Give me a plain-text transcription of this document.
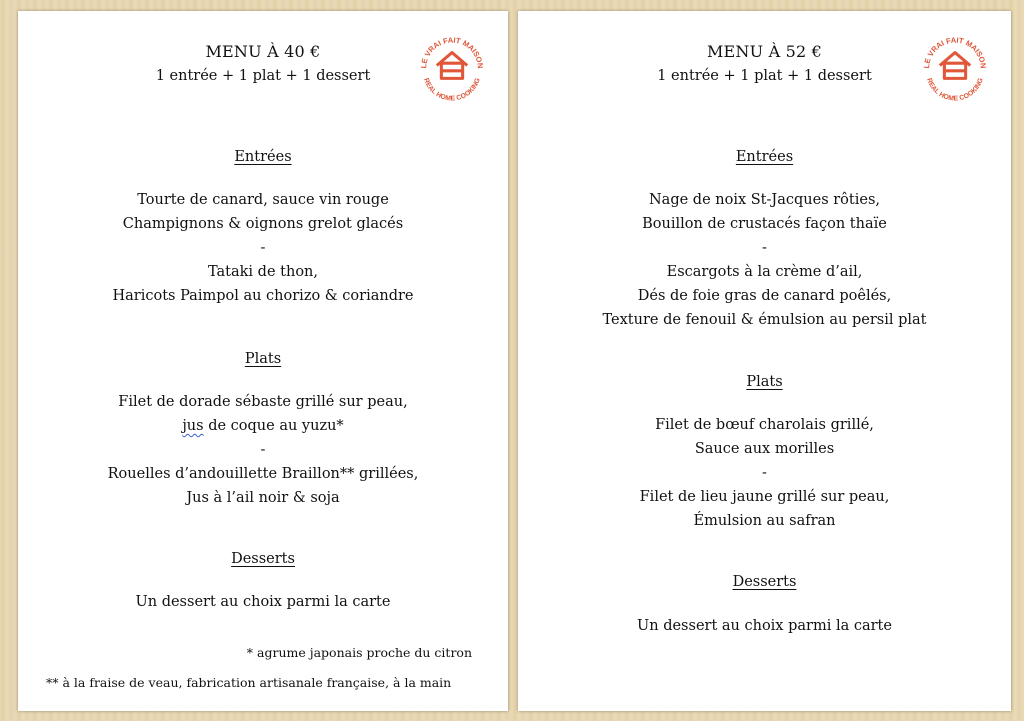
LE VRAI FAIT MAISON
REAL HOME COOKING
MENU À 40 €
1 entrée + 1 plat + 1 dessert
Entrées
Tourte de canard, sauce vin rouge
Champignons & oignons grelot glacés
-
Tataki de thon,
Haricots Paimpol au chorizo & coriandre
Plats
Filet de dorade sébaste grillé sur peau,
jus de coque au yuzu*
-
Rouelles d’andouillette Braillon** grillées,
Jus à l’ail noir & soja
Desserts
Un dessert au choix parmi la carte
* agrume japonais proche du citron
** à la fraise de veau, fabrication artisanale française, à la main
LE VRAI FAIT MAISON
REAL HOME COOKING
MENU À 52 €
1 entrée + 1 plat + 1 dessert
Entrées
Nage de noix St-Jacques rôties,
Bouillon de crustacés façon thaïe
-
Escargots à la crème d’ail,
Dés de foie gras de canard poêlés,
Texture de fenouil & émulsion au persil plat
Plats
Filet de bœuf charolais grillé,
Sauce aux morilles
-
Filet de lieu jaune grillé sur peau,
Émulsion au safran
Desserts
Un dessert au choix parmi la carte
